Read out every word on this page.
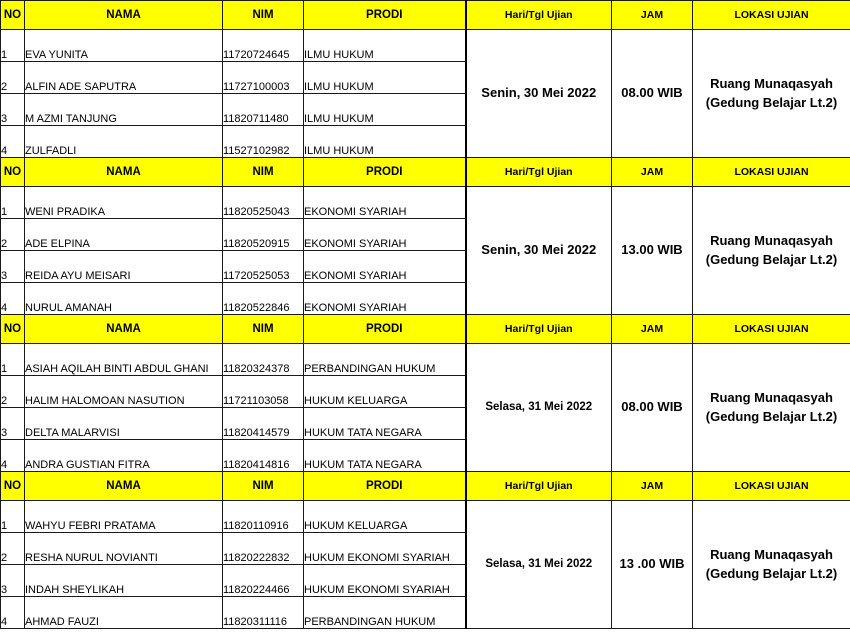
NO	NAMA	NIM	PRODI	Hari/Tgl Ujian	JAM	LOKASI UJIAN
1	EVA YUNITA	11720724645	ILMU HUKUM	Senin, 30 Mei 2022	08.00 WIB	Ruang Munaqasyah
(Gedung Belajar Lt.2)

2	ALFIN ADE SAPUTRA	11727100003	ILMU HUKUM			
3	M AZMI TANJUNG	11820711480	ILMU HUKUM			
4	ZULFADLI	11527102982	ILMU HUKUM			
NO	NAMA	NIM	PRODI	Hari/Tgl Ujian	JAM	LOKASI UJIAN
1	WENI PRADIKA	11820525043	EKONOMI SYARIAH	Senin, 30 Mei 2022	13.00 WIB	Ruang Munaqasyah
(Gedung Belajar Lt.2)

2	ADE ELPINA	11820520915	EKONOMI SYARIAH			
3	REIDA AYU MEISARI	11720525053	EKONOMI SYARIAH			
4	NURUL AMANAH	11820522846	EKONOMI SYARIAH			
NO	NAMA	NIM	PRODI	Hari/Tgl Ujian	JAM	LOKASI UJIAN
1	ASIAH AQILAH BINTI ABDUL GHANI	11820324378	PERBANDINGAN HUKUM	Selasa, 31 Mei 2022	08.00 WIB	Ruang Munaqasyah
(Gedung Belajar Lt.2)

2	HALIM HALOMOAN NASUTION	11721103058	HUKUM KELUARGA			
3	DELTA MALARVISI	11820414579	HUKUM TATA NEGARA			
4	ANDRA GUSTIAN FITRA	11820414816	HUKUM TATA NEGARA			
NO	NAMA	NIM	PRODI	Hari/Tgl Ujian	JAM	LOKASI UJIAN
1	WAHYU FEBRI PRATAMA	11820110916	HUKUM KELUARGA	Selasa, 31 Mei 2022	13 .00 WIB	Ruang Munaqasyah
(Gedung Belajar Lt.2)

2	RESHA NURUL NOVIANTI	11820222832	HUKUM EKONOMI SYARIAH			
3	INDAH SHEYLIKAH	11820224466	HUKUM EKONOMI SYARIAH			
4	AHMAD FAUZI	11820311116	PERBANDINGAN HUKUM			
